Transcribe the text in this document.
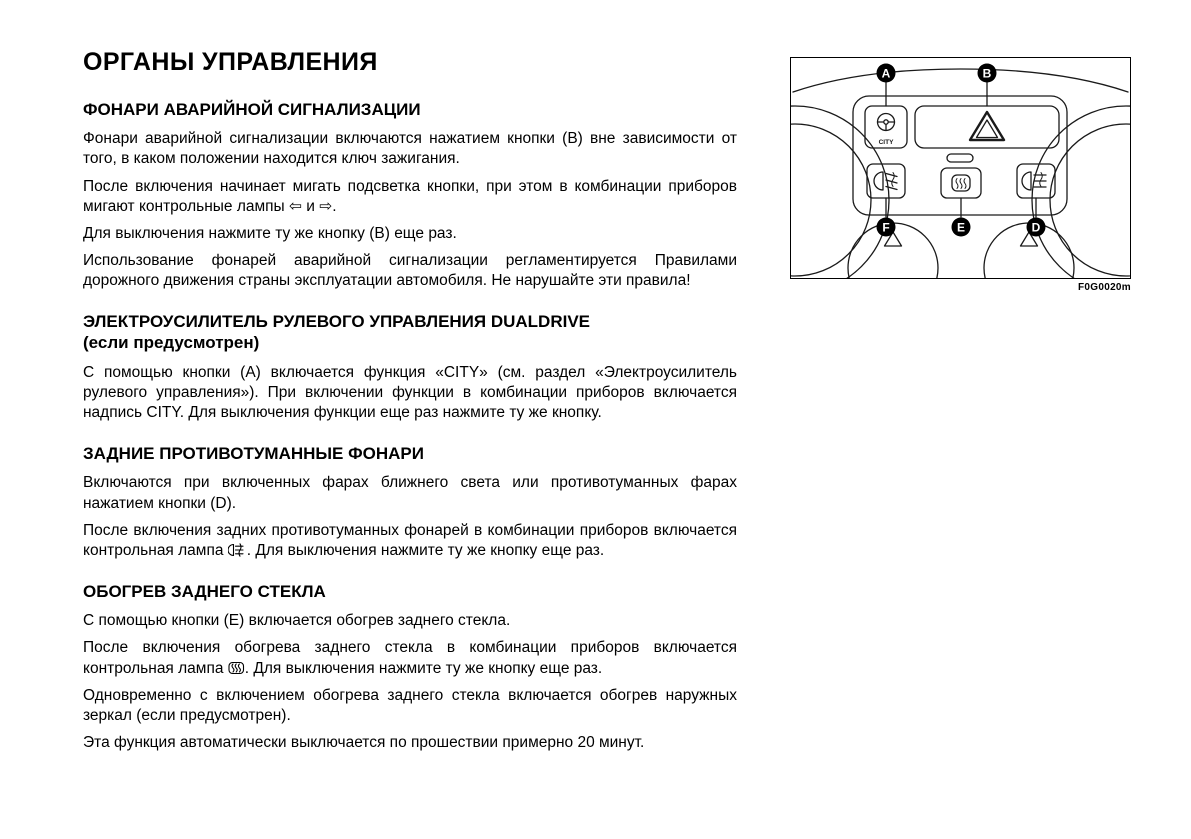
ОРГАНЫ УПРАВЛЕНИЯ
ФОНАРИ АВАРИЙНОЙ СИГНАЛИЗАЦИИ

Фонари аварийной сигнализации включаются нажатием кнопки (В) вне зависимости от того, в каком положении находится ключ зажигания.

После включения начинает мигать подсветка кнопки, при этом в комбинации приборов мигают контрольные лампы ⇦ и ⇨.

Для выключения нажмите ту же кнопку (В) еще раз.

Использование фонарей аварийной сигнализации регламентируется Правилами дорожного движения страны эксплуатации автомобиля. Не нарушайте эти правила!

ЭЛЕКТРОУСИЛИТЕЛЬ РУЛЕВОГО УПРАВЛЕНИЯ DUALDRIVE
(если предусмотрен)

С помощью кнопки (А) включается функция «CITY» (см. раздел «Электроусилитель рулевого управления»). При включении функции в комбинации приборов включается надпись CITY. Для выключения функции еще раз нажмите ту же кнопку.

ЗАДНИЕ ПРОТИВОТУМАННЫЕ ФОНАРИ

Включаются при включенных фарах ближнего света или противотуманных фарах нажатием кнопки (D).

После включения задних противотуманных фонарей в комбинации приборов включается контрольная лампа . Для выключения нажмите ту же кнопку еще раз.

ОБОГРЕВ ЗАДНЕГО СТЕКЛА

С помощью кнопки (Е) включается обогрев заднего стекла.

После включения обогрева заднего стекла в комбинации приборов включается контрольная лампа . Для выключения нажмите ту же кнопку еще раз.

Одновременно с включением обогрева заднего стекла включается обогрев наружных зеркал (если предусмотрен).

Эта функция автоматически выключается по прошествии примерно 20 минут.

CITY
A	B
F	E	D
F0G0020m
